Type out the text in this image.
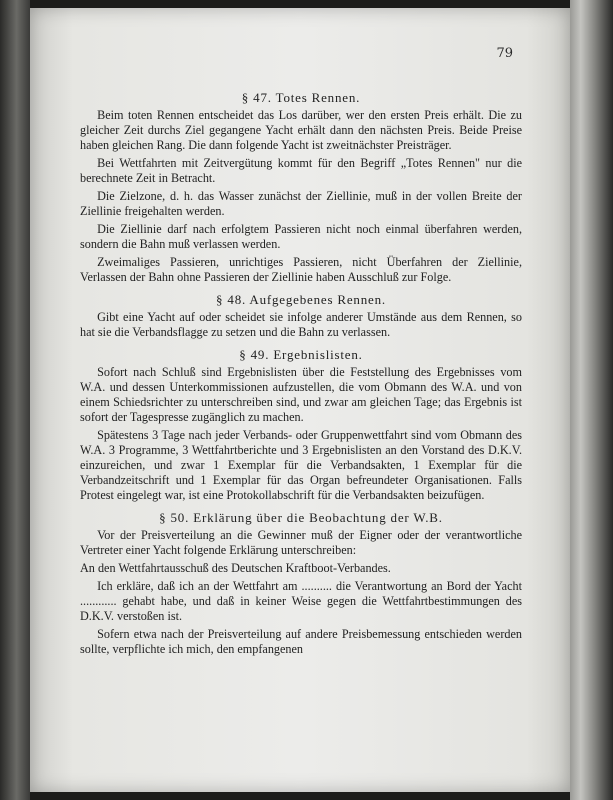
79

§ 47. Totes Rennen.

Beim toten Rennen entscheidet das Los darüber, wer den ersten Preis erhält. Die zu gleicher Zeit durchs Ziel gegangene Yacht erhält dann den nächsten Preis. Beide Preise haben gleichen Rang. Die dann folgende Yacht ist zweitnächster Preisträger.

Bei Wettfahrten mit Zeitvergütung kommt für den Begriff „Totes Rennen" nur die berechnete Zeit in Betracht.

Die Zielzone, d. h. das Wasser zunächst der Ziellinie, muß in der vollen Breite der Ziellinie freigehalten werden.

Die Ziellinie darf nach erfolgtem Passieren nicht noch einmal überfahren werden, sondern die Bahn muß verlassen werden.

Zweimaliges Passieren, unrichtiges Passieren, nicht Überfahren der Ziellinie, Verlassen der Bahn ohne Passieren der Ziellinie haben Ausschluß zur Folge.

§ 48. Aufgegebenes Rennen.

Gibt eine Yacht auf oder scheidet sie infolge anderer Umstände aus dem Rennen, so hat sie die Verbandsflagge zu setzen und die Bahn zu verlassen.

§ 49. Ergebnislisten.

Sofort nach Schluß sind Ergebnislisten über die Feststellung des Ergebnisses vom W.A. und dessen Unterkommissionen aufzustellen, die vom Obmann des W.A. und von einem Schiedsrichter zu unterschreiben sind, und zwar am gleichen Tage; das Ergebnis ist sofort der Tagespresse zugänglich zu machen.

Spätestens 3 Tage nach jeder Verbands- oder Gruppenwettfahrt sind vom Obmann des W.A. 3 Programme, 3 Wettfahrtberichte und 3 Ergebnislisten an den Vorstand des D.K.V. einzureichen, und zwar 1 Exemplar für die Verbandsakten, 1 Exemplar für die Verbandzeitschrift und 1 Exemplar für das Organ befreundeter Organisationen. Falls Protest eingelegt war, ist eine Protokollabschrift für die Verbandsakten beizufügen.

§ 50. Erklärung über die Beobachtung der W.B.

Vor der Preisverteilung an die Gewinner muß der Eigner oder der verantwortliche Vertreter einer Yacht folgende Erklärung unterschreiben:

An den Wettfahrtausschuß des Deutschen Kraftboot-Verbandes.

Ich erkläre, daß ich an der Wettfahrt am .......... die Verantwortung an Bord der Yacht ............ gehabt habe, und daß in keiner Weise gegen die Wettfahrtbestimmungen des D.K.V. verstoßen ist.

Sofern etwa nach der Preisverteilung auf andere Preisbemessung entschieden werden sollte, verpflichte ich mich, den empfangenen
